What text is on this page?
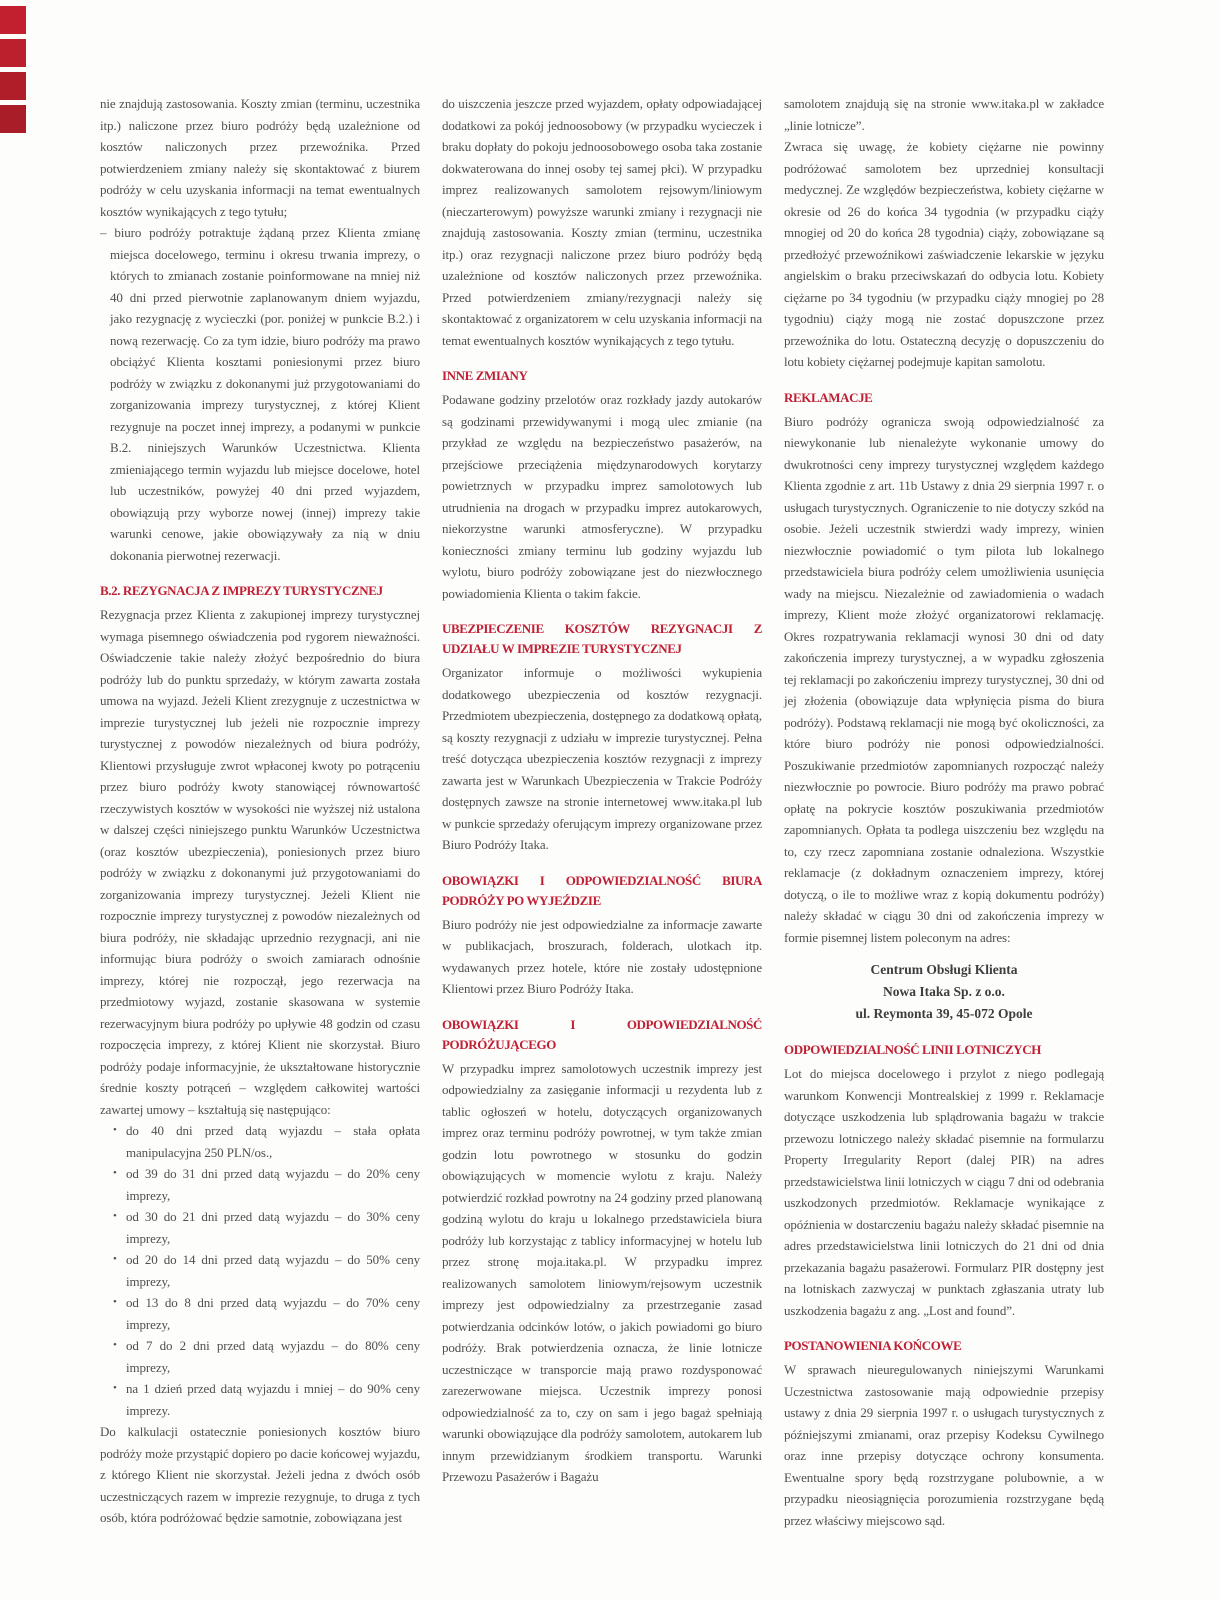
nie znajdują zastosowania. Koszty zmian (terminu, uczestnika itp.) naliczone przez biuro podróży będą uzależnione od kosztów naliczonych przez przewoźnika. Przed potwierdzeniem zmiany należy się skontaktować z biurem podróży w celu uzyskania informacji na temat ewentualnych kosztów wynikających z tego tytułu;

– biuro podróży potraktuje żądaną przez Klienta zmianę miejsca docelowego, terminu i okresu trwania imprezy, o których to zmianach zostanie poinformowane na mniej niż 40 dni przed pierwotnie zaplanowanym dniem wyjazdu, jako rezygnację z wycieczki (por. poniżej w punkcie B.2.) i nową rezerwację. Co za tym idzie, biuro podróży ma prawo obciążyć Klienta kosztami poniesionymi przez biuro podróży w związku z dokonanymi już przygotowaniami do zorganizowania imprezy turystycznej, z której Klient rezygnuje na poczet innej imprezy, a podanymi w punkcie B.2. niniejszych Warunków Uczestnictwa. Klienta zmieniającego termin wyjazdu lub miejsce docelowe, hotel lub uczestników, powyżej 40 dni przed wyjazdem, obowiązują przy wyborze nowej (innej) imprezy takie warunki cenowe, jakie obowiązywały za nią w dniu dokonania pierwotnej rezerwacji.

B.2. REZYGNACJA Z IMPREZY TURYSTYCZNEJ

Rezygnacja przez Klienta z zakupionej imprezy turystycznej wymaga pisemnego oświadczenia pod rygorem nieważności. Oświadczenie takie należy złożyć bezpośrednio do biura podróży lub do punktu sprzedaży, w którym zawarta została umowa na wyjazd. Jeżeli Klient zrezygnuje z uczestnictwa w imprezie turystycznej lub jeżeli nie rozpocznie imprezy turystycznej z powodów niezależnych od biura podróży, Klientowi przysługuje zwrot wpłaconej kwoty po potrąceniu przez biuro podróży kwoty stanowiącej równowartość rzeczywistych kosztów w wysokości nie wyższej niż ustalona w dalszej części niniejszego punktu Warunków Uczestnictwa (oraz kosztów ubezpieczenia), poniesionych przez biuro podróży w związku z dokonanymi już przygotowaniami do zorganizowania imprezy turystycznej. Jeżeli Klient nie rozpocznie imprezy turystycznej z powodów niezależnych od biura podróży, nie składając uprzednio rezygnacji, ani nie informując biura podróży o swoich zamiarach odnośnie imprezy, której nie rozpoczął, jego rezerwacja na przedmiotowy wyjazd, zostanie skasowana w systemie rezerwacyjnym biura podróży po upływie 48 godzin od czasu rozpoczęcia imprezy, z której Klient nie skorzystał. Biuro podróży podaje informacyjnie, że ukształtowane historycznie średnie koszty potrąceń – względem całkowitej wartości zawartej umowy – kształtują się następująco:

• do 40 dni przed datą wyjazdu – stała opłata manipulacyjna 250 PLN/os.,
• od 39 do 31 dni przed datą wyjazdu – do 20% ceny imprezy,
• od 30 do 21 dni przed datą wyjazdu – do 30% ceny imprezy,
• od 20 do 14 dni przed datą wyjazdu – do 50% ceny imprezy,
• od 13 do 8 dni przed datą wyjazdu – do 70% ceny imprezy,
• od 7 do 2 dni przed datą wyjazdu – do 80% ceny imprezy,
• na 1 dzień przed datą wyjazdu i mniej – do 90% ceny imprezy.

Do kalkulacji ostatecznie poniesionych kosztów biuro podróży może przystąpić dopiero po dacie końcowej wyjazdu, z którego Klient nie skorzystał. Jeżeli jedna z dwóch osób uczestniczących razem w imprezie rezygnuje, to druga z tych osób, która podróżować będzie samotnie, zobowiązana jest

do uiszczenia jeszcze przed wyjazdem, opłaty odpowiadającej dodatkowi za pokój jednoosobowy (w przypadku wycieczek i braku dopłaty do pokoju jednoosobowego osoba taka zostanie dokwaterowana do innej osoby tej samej płci). W przypadku imprez realizowanych samolotem rejsowym/liniowym (nieczarterowym) powyższe warunki zmiany i rezygnacji nie znajdują zastosowania. Koszty zmian (terminu, uczestnika itp.) oraz rezygnacji naliczone przez biuro podróży będą uzależnione od kosztów naliczonych przez przewoźnika. Przed potwierdzeniem zmiany/rezygnacji należy się skontaktować z organizatorem w celu uzyskania informacji na temat ewentualnych kosztów wynikających z tego tytułu.

INNE ZMIANY

Podawane godziny przelotów oraz rozkłady jazdy autokarów są godzinami przewidywanymi i mogą ulec zmianie (na przykład ze względu na bezpieczeństwo pasażerów, na przejściowe przeciążenia międzynarodowych korytarzy powietrznych w przypadku imprez samolotowych lub utrudnienia na drogach w przypadku imprez autokarowych, niekorzystne warunki atmosferyczne). W przypadku konieczności zmiany terminu lub godziny wyjazdu lub wylotu, biuro podróży zobowiązane jest do niezwłocznego powiadomienia Klienta o takim fakcie.

UBEZPIECZENIE KOSZTÓW REZYGNACJI Z UDZIAŁU W IMPREZIE TURYSTYCZNEJ

Organizator informuje o możliwości wykupienia dodatkowego ubezpieczenia od kosztów rezygnacji. Przedmiotem ubezpieczenia, dostępnego za dodatkową opłatą, są koszty rezygnacji z udziału w imprezie turystycznej. Pełna treść dotycząca ubezpieczenia kosztów rezygnacji z imprezy zawarta jest w Warunkach Ubezpieczenia w Trakcie Podróży dostępnych zawsze na stronie internetowej www.itaka.pl lub w punkcie sprzedaży oferującym imprezy organizowane przez Biuro Podróży Itaka.

OBOWIĄZKI I ODPOWIEDZIALNOŚĆ BIURA PODRÓŻY PO WYJEŹDZIE

Biuro podróży nie jest odpowiedzialne za informacje zawarte w publikacjach, broszurach, folderach, ulotkach itp. wydawanych przez hotele, które nie zostały udostępnione Klientowi przez Biuro Podróży Itaka.

OBOWIĄZKI I ODPOWIEDZIALNOŚĆ PODRÓŻUJĄCEGO

W przypadku imprez samolotowych uczestnik imprezy jest odpowiedzialny za zasięganie informacji u rezydenta lub z tablic ogłoszeń w hotelu, dotyczących organizowanych imprez oraz terminu podróży powrotnej, w tym także zmian godzin lotu powrotnego w stosunku do godzin obowiązujących w momencie wylotu z kraju. Należy potwierdzić rozkład powrotny na 24 godziny przed planowaną godziną wylotu do kraju u lokalnego przedstawiciela biura podróży lub korzystając z tablicy informacyjnej w hotelu lub przez stronę moja.itaka.pl. W przypadku imprez realizowanych samolotem liniowym/rejsowym uczestnik imprezy jest odpowiedzialny za przestrzeganie zasad potwierdzania odcinków lotów, o jakich powiadomi go biuro podróży. Brak potwierdzenia oznacza, że linie lotnicze uczestniczące w transporcie mają prawo rozdysponować zarezerwowane miejsca. Uczestnik imprezy ponosi odpowiedzialność za to, czy on sam i jego bagaż spełniają warunki obowiązujące dla podróży samolotem, autokarem lub innym przewidzianym środkiem transportu. Warunki Przewozu Pasażerów i Bagażu

samolotem znajdują się na stronie www.itaka.pl w zakładce „linie lotnicze”.

Zwraca się uwagę, że kobiety ciężarne nie powinny podróżować samolotem bez uprzedniej konsultacji medycznej. Ze względów bezpieczeństwa, kobiety ciężarne w okresie od 26 do końca 34 tygodnia (w przypadku ciąży mnogiej od 20 do końca 28 tygodnia) ciąży, zobowiązane są przedłożyć przewoźnikowi zaświadczenie lekarskie w języku angielskim o braku przeciwskazań do odbycia lotu. Kobiety ciężarne po 34 tygodniu (w przypadku ciąży mnogiej po 28 tygodniu) ciąży mogą nie zostać dopuszczone przez przewoźnika do lotu. Ostateczną decyzję o dopuszczeniu do lotu kobiety ciężarnej podejmuje kapitan samolotu.

REKLAMACJE

Biuro podróży ogranicza swoją odpowiedzialność za niewykonanie lub nienależyte wykonanie umowy do dwukrotności ceny imprezy turystycznej względem każdego Klienta zgodnie z art. 11b Ustawy z dnia 29 sierpnia 1997 r. o usługach turystycznych. Ograniczenie to nie dotyczy szkód na osobie. Jeżeli uczestnik stwierdzi wady imprezy, winien niezwłocznie powiadomić o tym pilota lub lokalnego przedstawiciela biura podróży celem umożliwienia usunięcia wady na miejscu. Niezależnie od zawiadomienia o wadach imprezy, Klient może złożyć organizatorowi reklamację. Okres rozpatrywania reklamacji wynosi 30 dni od daty zakończenia imprezy turystycznej, a w wypadku zgłoszenia tej reklamacji po zakończeniu imprezy turystycznej, 30 dni od jej złożenia (obowiązuje data wpłynięcia pisma do biura podróży). Podstawą reklamacji nie mogą być okoliczności, za które biuro podróży nie ponosi odpowiedzialności. Poszukiwanie przedmiotów zapomnianych rozpocząć należy niezwłocznie po powrocie. Biuro podróży ma prawo pobrać opłatę na pokrycie kosztów poszukiwania przedmiotów zapomnianych. Opłata ta podlega uiszczeniu bez względu na to, czy rzecz zapomniana zostanie odnaleziona. Wszystkie reklamacje (z dokładnym oznaczeniem imprezy, której dotyczą, o ile to możliwe wraz z kopią dokumentu podróży) należy składać w ciągu 30 dni od zakończenia imprezy w formie pisemnej listem poleconym na adres:

Centrum Obsługi Klienta
Nowa Itaka Sp. z o.o.
ul. Reymonta 39, 45-072 Opole
ODPOWIEDZIALNOŚĆ LINII LOTNICZYCH

Lot do miejsca docelowego i przylot z niego podlegają warunkom Konwencji Montrealskiej z 1999 r. Reklamacje dotyczące uszkodzenia lub splądrowania bagażu w trakcie przewozu lotniczego należy składać pisemnie na formularzu Property Irregularity Report (dalej PIR) na adres przedstawicielstwa linii lotniczych w ciągu 7 dni od odebrania uszkodzonych przedmiotów. Reklamacje wynikające z opóźnienia w dostarczeniu bagażu należy składać pisemnie na adres przedstawicielstwa linii lotniczych do 21 dni od dnia przekazania bagażu pasażerowi. Formularz PIR dostępny jest na lotniskach zazwyczaj w punktach zgłaszania utraty lub uszkodzenia bagażu z ang. „Lost and found”.

POSTANOWIENIA KOŃCOWE

W sprawach nieuregulowanych niniejszymi Warunkami Uczestnictwa zastosowanie mają odpowiednie przepisy ustawy z dnia 29 sierpnia 1997 r. o usługach turystycznych z późniejszymi zmianami, oraz przepisy Kodeksu Cywilnego oraz inne przepisy dotyczące ochrony konsumenta. Ewentualne spory będą rozstrzygane polubownie, a w przypadku nieosiągnięcia porozumienia rozstrzygane będą przez właściwy miejscowo sąd.
